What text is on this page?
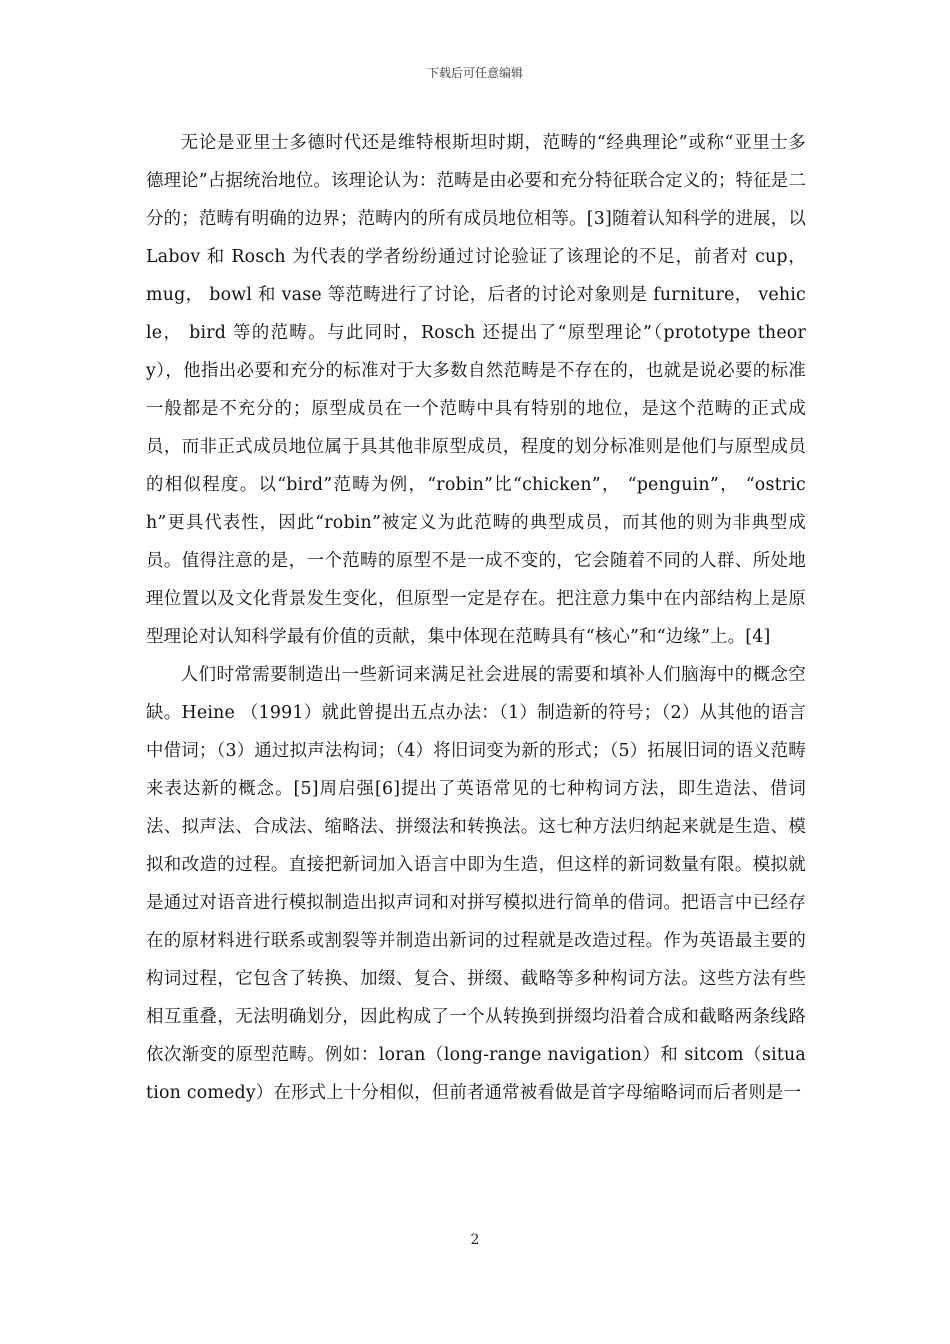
下载后可任意编辑

无论是亚里士多德时代还是维特根斯坦时期，范畴的“经典理论”或称“亚里士多德理论”占据统治地位。该理论认为：范畴是由必要和充分特征联合定义的；特征是二分的；范畴有明确的边界；范畴内的所有成员地位相等。[3]随着认知科学的进展，以 Labov 和 Rosch 为代表的学者纷纷通过讨论验证了该理论的不足，前者对 cup， mug， bowl 和 vase 等范畴进行了讨论，后者的讨论对象则是 furniture， vehicle， bird 等的范畴。与此同时，Rosch 还提出了“原型理论”（prototype theory），他指出必要和充分的标准对于大多数自然范畴是不存在的，也就是说必要的标准一般都是不充分的；原型成员在一个范畴中具有特别的地位，是这个范畴的正式成员，而非正式成员地位属于具其他非原型成员，程度的划分标准则是他们与原型成员的相似程度。以“bird”范畴为例，“robin”比“chicken”， “penguin”， “ostrich”更具代表性，因此“robin”被定义为此范畴的典型成员，而其他的则为非典型成员。值得注意的是，一个范畴的原型不是一成不变的，它会随着不同的人群、所处地理位置以及文化背景发生变化，但原型一定是存在。把注意力集中在内部结构上是原型理论对认知科学最有价值的贡献，集中体现在范畴具有“核心”和“边缘”上。[4]

人们时常需要制造出一些新词来满足社会进展的需要和填补人们脑海中的概念空缺。Heine （1991）就此曾提出五点办法：（1）制造新的符号；（2）从其他的语言中借词；（3）通过拟声法构词；（4）将旧词变为新的形式；（5）拓展旧词的语义范畴来表达新的概念。[5]周启强[6]提出了英语常见的七种构词方法，即生造法、借词法、拟声法、合成法、缩略法、拼缀法和转换法。这七种方法归纳起来就是生造、模拟和改造的过程。直接把新词加入语言中即为生造，但这样的新词数量有限。模拟就是通过对语音进行模拟制造出拟声词和对拼写模拟进行简单的借词。把语言中已经存在的原材料进行联系或割裂等并制造出新词的过程就是改造过程。作为英语最主要的构词过程，它包含了转换、加缀、复合、拼缀、截略等多种构词方法。这些方法有些相互重叠，无法明确划分，因此构成了一个从转换到拼缀均沿着合成和截略两条线路依次渐变的原型范畴。例如：loran（long-range navigation）和 sitcom（situation comedy）在形式上十分相似，但前者通常被看做是首字母缩略词而后者则是一

2
